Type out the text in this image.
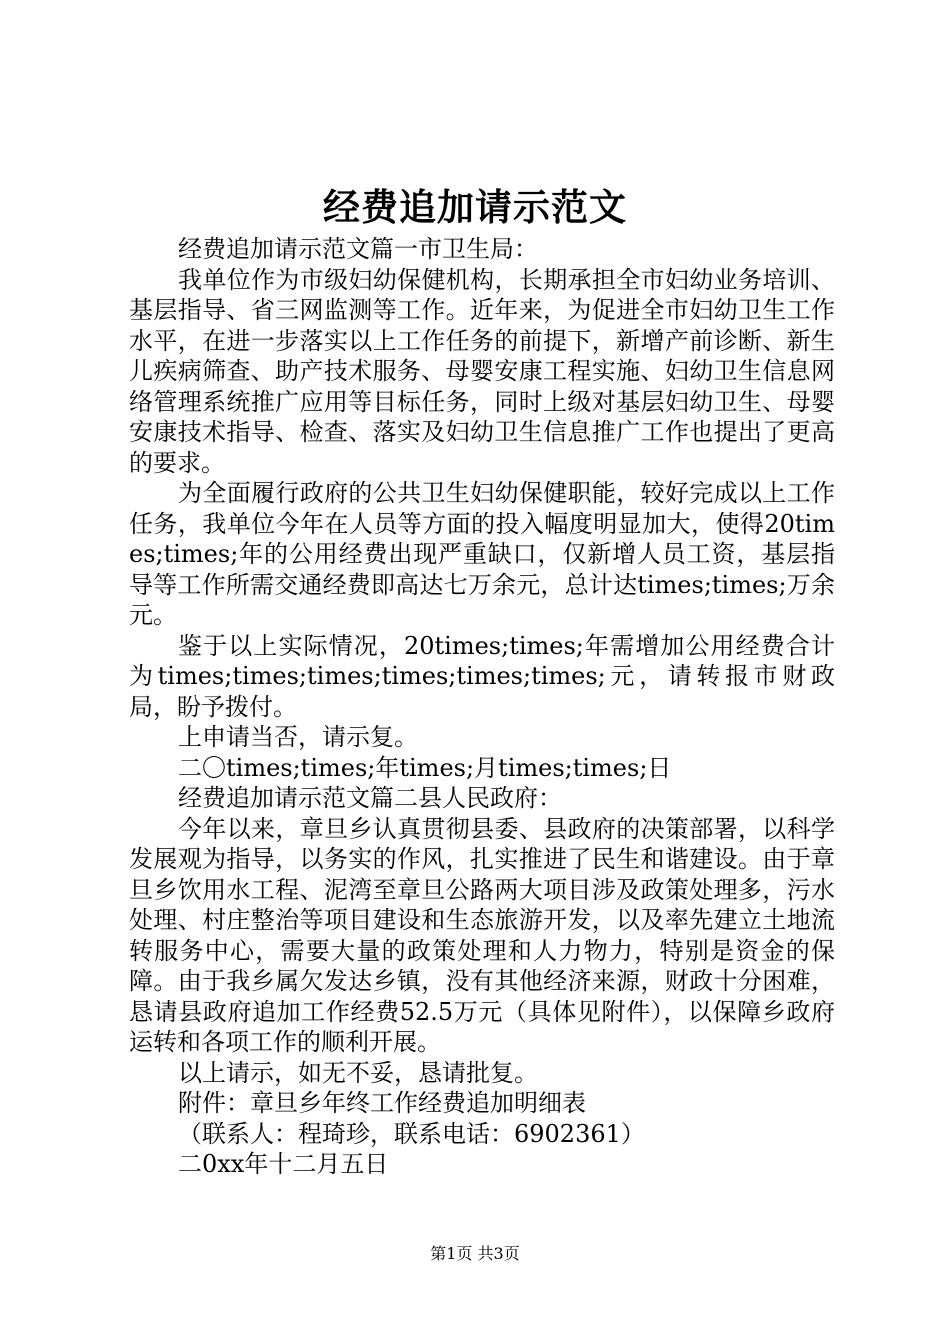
经费追加请示范文

经费追加请示范文篇一市卫生局：

我单位作为市级妇幼保健机构，长期承担全市妇幼业务培训、基层指导、省三网监测等工作。近年来，为促进全市妇幼卫生工作水平，在进一步落实以上工作任务的前提下，新增产前诊断、新生儿疾病筛查、助产技术服务、母婴安康工程实施、妇幼卫生信息网络管理系统推广应用等目标任务，同时上级对基层妇幼卫生、母婴安康技术指导、检查、落实及妇幼卫生信息推广工作也提出了更高的要求。

为全面履行政府的公共卫生妇幼保健职能，较好完成以上工作任务，我单位今年在人员等方面的投入幅度明显加大，使得20times;times;年的公用经费出现严重缺口，仅新增人员工资，基层指导等工作所需交通经费即高达七万余元，总计达times;times;万余元。

鉴于以上实际情况，20times;times;年需增加公用经费合计为times;times;times;times;times;times;元，请转报市财政局，盼予拨付。

上申请当否，请示复。

二〇times;times;年times;月times;times;日

经费追加请示范文篇二县人民政府：

今年以来，章旦乡认真贯彻县委、县政府的决策部署，以科学发展观为指导，以务实的作风，扎实推进了民生和谐建设。由于章旦乡饮用水工程、泥湾至章旦公路两大项目涉及政策处理多，污水处理、村庄整治等项目建设和生态旅游开发，以及率先建立土地流转服务中心，需要大量的政策处理和人力物力，特别是资金的保障。由于我乡属欠发达乡镇，没有其他经济来源，财政十分困难，恳请县政府追加工作经费52.5万元（具体见附件），以保障乡政府运转和各项工作的顺利开展。

以上请示，如无不妥，恳请批复。

附件：章旦乡年终工作经费追加明细表

（联系人：程琦珍，联系电话：6902361）

二0xx年十二月五日

第1页 共3页
